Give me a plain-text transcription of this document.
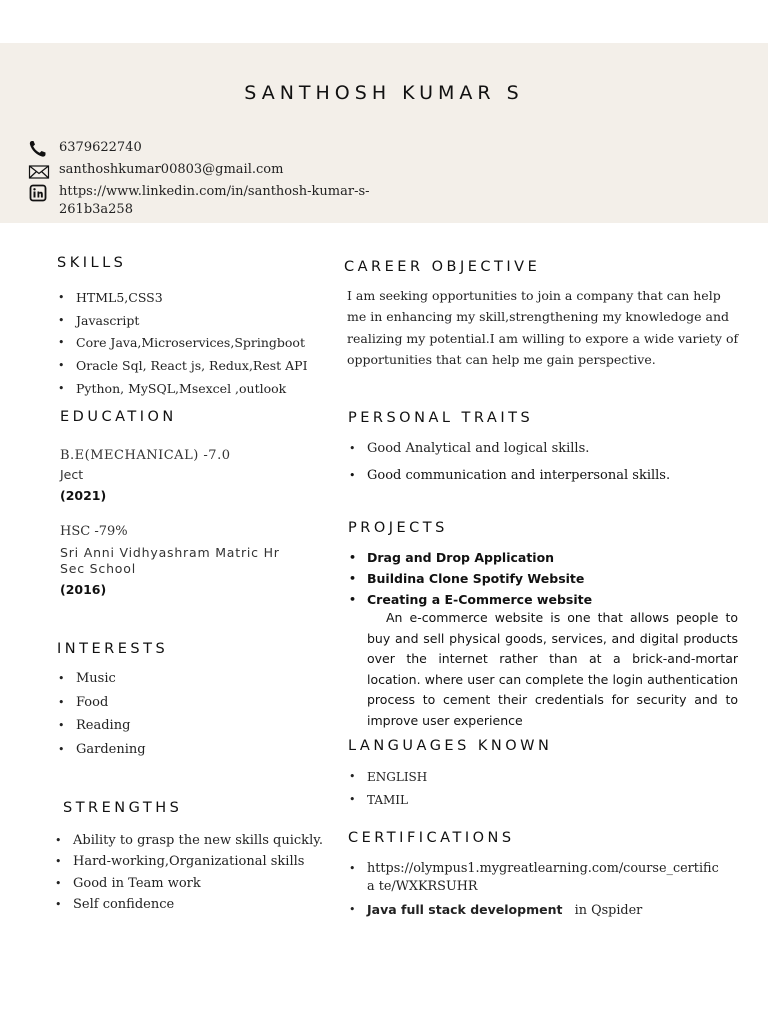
SANTHOSH KUMAR S
6379622740
santhoshkumar00803@gmail.com
https://www.linkedin.com/in/santhosh-kumar-s-
261b3a258
SKILLS
• HTML5,CSS3
• Javascript
• Core Java,Microservices,Springboot
• Oracle Sql, React js, Redux,Rest API
• Python, MySQL,Msexcel ,outlook
EDUCATION
B.E(MECHANICAL) -7.0
Ject
(2021)
HSC -79%
Sri Anni Vidhyashram Matric Hr
Sec School
(2016)
INTERESTS
• Music
• Food
• Reading
• Gardening
STRENGTHS
• Ability to grasp the new skills quickly.
• Hard-working,Organizational skills
• Good in Team work
• Self confidence
CAREER OBJECTIVE
I am seeking opportunities to join a company that can help
me in enhancing my skill,strengthening my knowledoge and
realizing my potential.I am willing to expore a wide variety of
opportunities that can help me gain perspective.
PERSONAL TRAITS
• Good Analytical and logical skills.
• Good communication and interpersonal skills.
PROJECTS
• Drag and Drop Application
• Buildina Clone Spotify Website
• Creating a E-Commerce website
An e-commerce website is one that allows people to buy and sell physical goods, services, and digital products over the internet rather than at a brick-and-mortar location. where user can complete the login authentication process to cement their credentials for security and to improve user experience
LANGUAGES KNOWN
• ENGLISH
• TAMIL
CERTIFICATIONS
• https://olympus1.mygreatlearning.com/course_certific
a te/WXKRSUHR
• Java full stack development in Qspider
